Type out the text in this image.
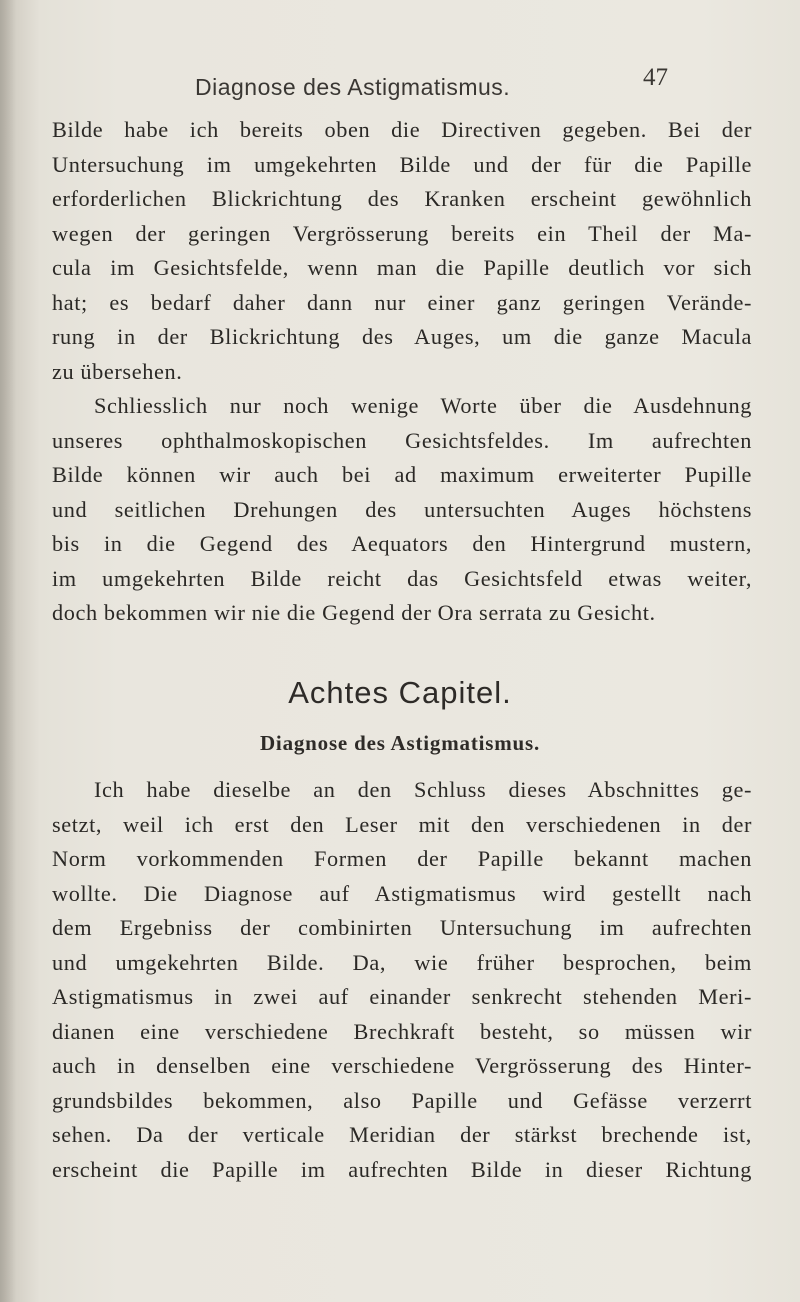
Diagnose des Astigmatismus.	47
Bilde habe ich bereits oben die Directiven gegeben. Bei der
Untersuchung im umgekehrten Bilde und der für die Papille
erforderlichen Blickrichtung des Kranken erscheint gewöhnlich
wegen der geringen Vergrösserung bereits ein Theil der Ma-
cula im Gesichtsfelde, wenn man die Papille deutlich vor sich
hat; es bedarf daher dann nur einer ganz geringen Verände-
rung in der Blickrichtung des Auges, um die ganze Macula
zu übersehen.
Schliesslich nur noch wenige Worte über die Ausdehnung
unseres ophthalmoskopischen Gesichtsfeldes. Im aufrechten
Bilde können wir auch bei ad maximum erweiterter Pupille
und seitlichen Drehungen des untersuchten Auges höchstens
bis in die Gegend des Aequators den Hintergrund mustern,
im umgekehrten Bilde reicht das Gesichtsfeld etwas weiter,
doch bekommen wir nie die Gegend der Ora serrata zu Gesicht.
Achtes Capitel.
Diagnose des Astigmatismus.
Ich habe dieselbe an den Schluss dieses Abschnittes ge-
setzt, weil ich erst den Leser mit den verschiedenen in der
Norm vorkommenden Formen der Papille bekannt machen
wollte. Die Diagnose auf Astigmatismus wird gestellt nach
dem Ergebniss der combinirten Untersuchung im aufrechten
und umgekehrten Bilde. Da, wie früher besprochen, beim
Astigmatismus in zwei auf einander senkrecht stehenden Meri-
dianen eine verschiedene Brechkraft besteht, so müssen wir
auch in denselben eine verschiedene Vergrösserung des Hinter-
grundsbildes bekommen, also Papille und Gefässe verzerrt
sehen. Da der verticale Meridian der stärkst brechende ist,
erscheint die Papille im aufrechten Bilde in dieser Richtung
